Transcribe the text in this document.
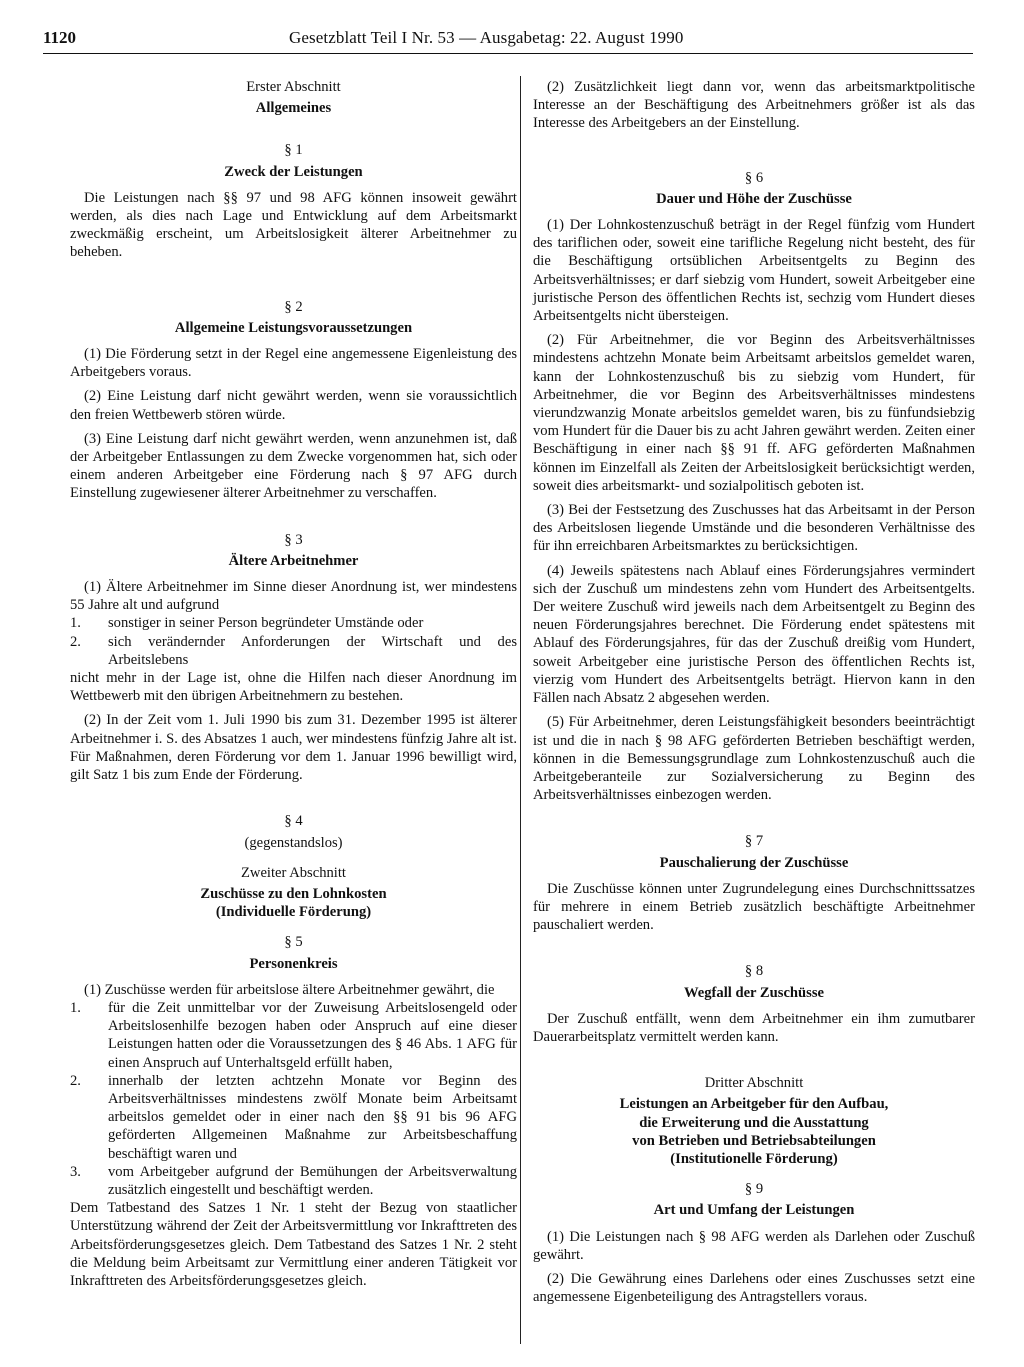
1120	Gesetzblatt Teil I Nr. 53 — Ausgabetag: 22. August 1990
Erster Abschnitt
Allgemeines
§ 1
Zweck der Leistungen

Die Leistungen nach §§ 97 und 98 AFG können insoweit gewährt werden, als dies nach Lage und Entwicklung auf dem Arbeitsmarkt zweckmäßig erscheint, um Arbeitslosigkeit älterer Arbeitnehmer zu beheben.

§ 2
Allgemeine Leistungsvoraussetzungen

(1) Die Förderung setzt in der Regel eine angemessene Eigenleistung des Arbeitgebers voraus.

(2) Eine Leistung darf nicht gewährt werden, wenn sie voraussichtlich den freien Wettbewerb stören würde.

(3) Eine Leistung darf nicht gewährt werden, wenn anzunehmen ist, daß der Arbeitgeber Entlassungen zu dem Zwecke vorgenommen hat, sich oder einem anderen Arbeitgeber eine Förderung nach § 97 AFG durch Einstellung zugewiesener älterer Arbeitnehmer zu verschaffen.

§ 3
Ältere Arbeitnehmer

(1) Ältere Arbeitnehmer im Sinne dieser Anordnung ist, wer mindestens 55 Jahre alt und aufgrund

1.	sonstiger in seiner Person begründeter Umstände oder
2.	sich verändernder Anforderungen der Wirtschaft und des Arbeitslebens

nicht mehr in der Lage ist, ohne die Hilfen nach dieser Anordnung im Wettbewerb mit den übrigen Arbeitnehmern zu bestehen.

(2) In der Zeit vom 1. Juli 1990 bis zum 31. Dezember 1995 ist älterer Arbeitnehmer i. S. des Absatzes 1 auch, wer mindestens fünfzig Jahre alt ist. Für Maßnahmen, deren Förderung vor dem 1. Januar 1996 bewilligt wird, gilt Satz 1 bis zum Ende der Förderung.

§ 4
(gegenstandslos)
Zweiter Abschnitt
Zuschüsse zu den Lohnkosten
(Individuelle Förderung)
§ 5
Personenkreis

(1) Zuschüsse werden für arbeitslose ältere Arbeitnehmer gewährt, die

1.	für die Zeit unmittelbar vor der Zuweisung Arbeitslosengeld oder Arbeitslosenhilfe bezogen haben oder Anspruch auf eine dieser Leistungen hatten oder die Voraussetzungen des § 46 Abs. 1 AFG für einen Anspruch auf Unterhaltsgeld erfüllt haben,
2.	innerhalb der letzten achtzehn Monate vor Beginn des Arbeitsverhältnisses mindestens zwölf Monate beim Arbeitsamt arbeitslos gemeldet oder in einer nach den §§ 91 bis 96 AFG geförderten Allgemeinen Maßnahme zur Arbeitsbeschaffung beschäftigt waren und
3.	vom Arbeitgeber aufgrund der Bemühungen der Arbeitsverwaltung zusätzlich eingestellt und beschäftigt werden.

Dem Tatbestand des Satzes 1 Nr. 1 steht der Bezug von staatlicher Unterstützung während der Zeit der Arbeitsvermittlung vor Inkrafttreten des Arbeitsförderungsgesetzes gleich. Dem Tatbestand des Satzes 1 Nr. 2 steht die Meldung beim Arbeitsamt zur Vermittlung einer anderen Tätigkeit vor Inkrafttreten des Arbeitsförderungsgesetzes gleich.

(2) Zusätzlichkeit liegt dann vor, wenn das arbeitsmarktpolitische Interesse an der Beschäftigung des Arbeitnehmers größer ist als das Interesse des Arbeitgebers an der Einstellung.

§ 6
Dauer und Höhe der Zuschüsse

(1) Der Lohnkostenzuschuß beträgt in der Regel fünfzig vom Hundert des tariflichen oder, soweit eine tarifliche Regelung nicht besteht, des für die Beschäftigung ortsüblichen Arbeitsentgelts zu Beginn des Arbeitsverhältnisses; er darf siebzig vom Hundert, soweit Arbeitgeber eine juristische Person des öffentlichen Rechts ist, sechzig vom Hundert dieses Arbeitsentgelts nicht übersteigen.

(2) Für Arbeitnehmer, die vor Beginn des Arbeitsverhältnisses mindestens achtzehn Monate beim Arbeitsamt arbeitslos gemeldet waren, kann der Lohnkostenzuschuß bis zu siebzig vom Hundert, für Arbeitnehmer, die vor Beginn des Arbeitsverhältnisses mindestens vierundzwanzig Monate arbeitslos gemeldet waren, bis zu fünfundsiebzig vom Hundert für die Dauer bis zu acht Jahren gewährt werden. Zeiten einer Beschäftigung in einer nach §§ 91 ff. AFG geförderten Maßnahmen können im Einzelfall als Zeiten der Arbeitslosigkeit berücksichtigt werden, soweit dies arbeitsmarkt- und sozialpolitisch geboten ist.

(3) Bei der Festsetzung des Zuschusses hat das Arbeitsamt in der Person des Arbeitslosen liegende Umstände und die besonderen Verhältnisse des für ihn erreichbaren Arbeitsmarktes zu berücksichtigen.

(4) Jeweils spätestens nach Ablauf eines Förderungsjahres vermindert sich der Zuschuß um mindestens zehn vom Hundert des Arbeitsentgelts. Der weitere Zuschuß wird jeweils nach dem Arbeitsentgelt zu Beginn des neuen Förderungsjahres berechnet. Die Förderung endet spätestens mit Ablauf des Förderungsjahres, für das der Zuschuß dreißig vom Hundert, soweit Arbeitgeber eine juristische Person des öffentlichen Rechts ist, vierzig vom Hundert des Arbeitsentgelts beträgt. Hiervon kann in den Fällen nach Absatz 2 abgesehen werden.

(5) Für Arbeitnehmer, deren Leistungsfähigkeit besonders beeinträchtigt ist und die in nach § 98 AFG geförderten Betrieben beschäftigt werden, können in die Bemessungsgrundlage zum Lohnkostenzuschuß auch die Arbeitgeberanteile zur Sozialversicherung zu Beginn des Arbeitsverhältnisses einbezogen werden.

§ 7
Pauschalierung der Zuschüsse

Die Zuschüsse können unter Zugrundelegung eines Durchschnittssatzes für mehrere in einem Betrieb zusätzlich beschäftigte Arbeitnehmer pauschaliert werden.

§ 8
Wegfall der Zuschüsse

Der Zuschuß entfällt, wenn dem Arbeitnehmer ein ihm zumutbarer Dauerarbeitsplatz vermittelt werden kann.

Dritter Abschnitt
Leistungen an Arbeitgeber für den Aufbau,
die Erweiterung und die Ausstattung
von Betrieben und Betriebsabteilungen
(Institutionelle Förderung)
§ 9
Art und Umfang der Leistungen

(1) Die Leistungen nach § 98 AFG werden als Darlehen oder Zuschuß gewährt.

(2) Die Gewährung eines Darlehens oder eines Zuschusses setzt eine angemessene Eigenbeteiligung des Antragstellers voraus.
